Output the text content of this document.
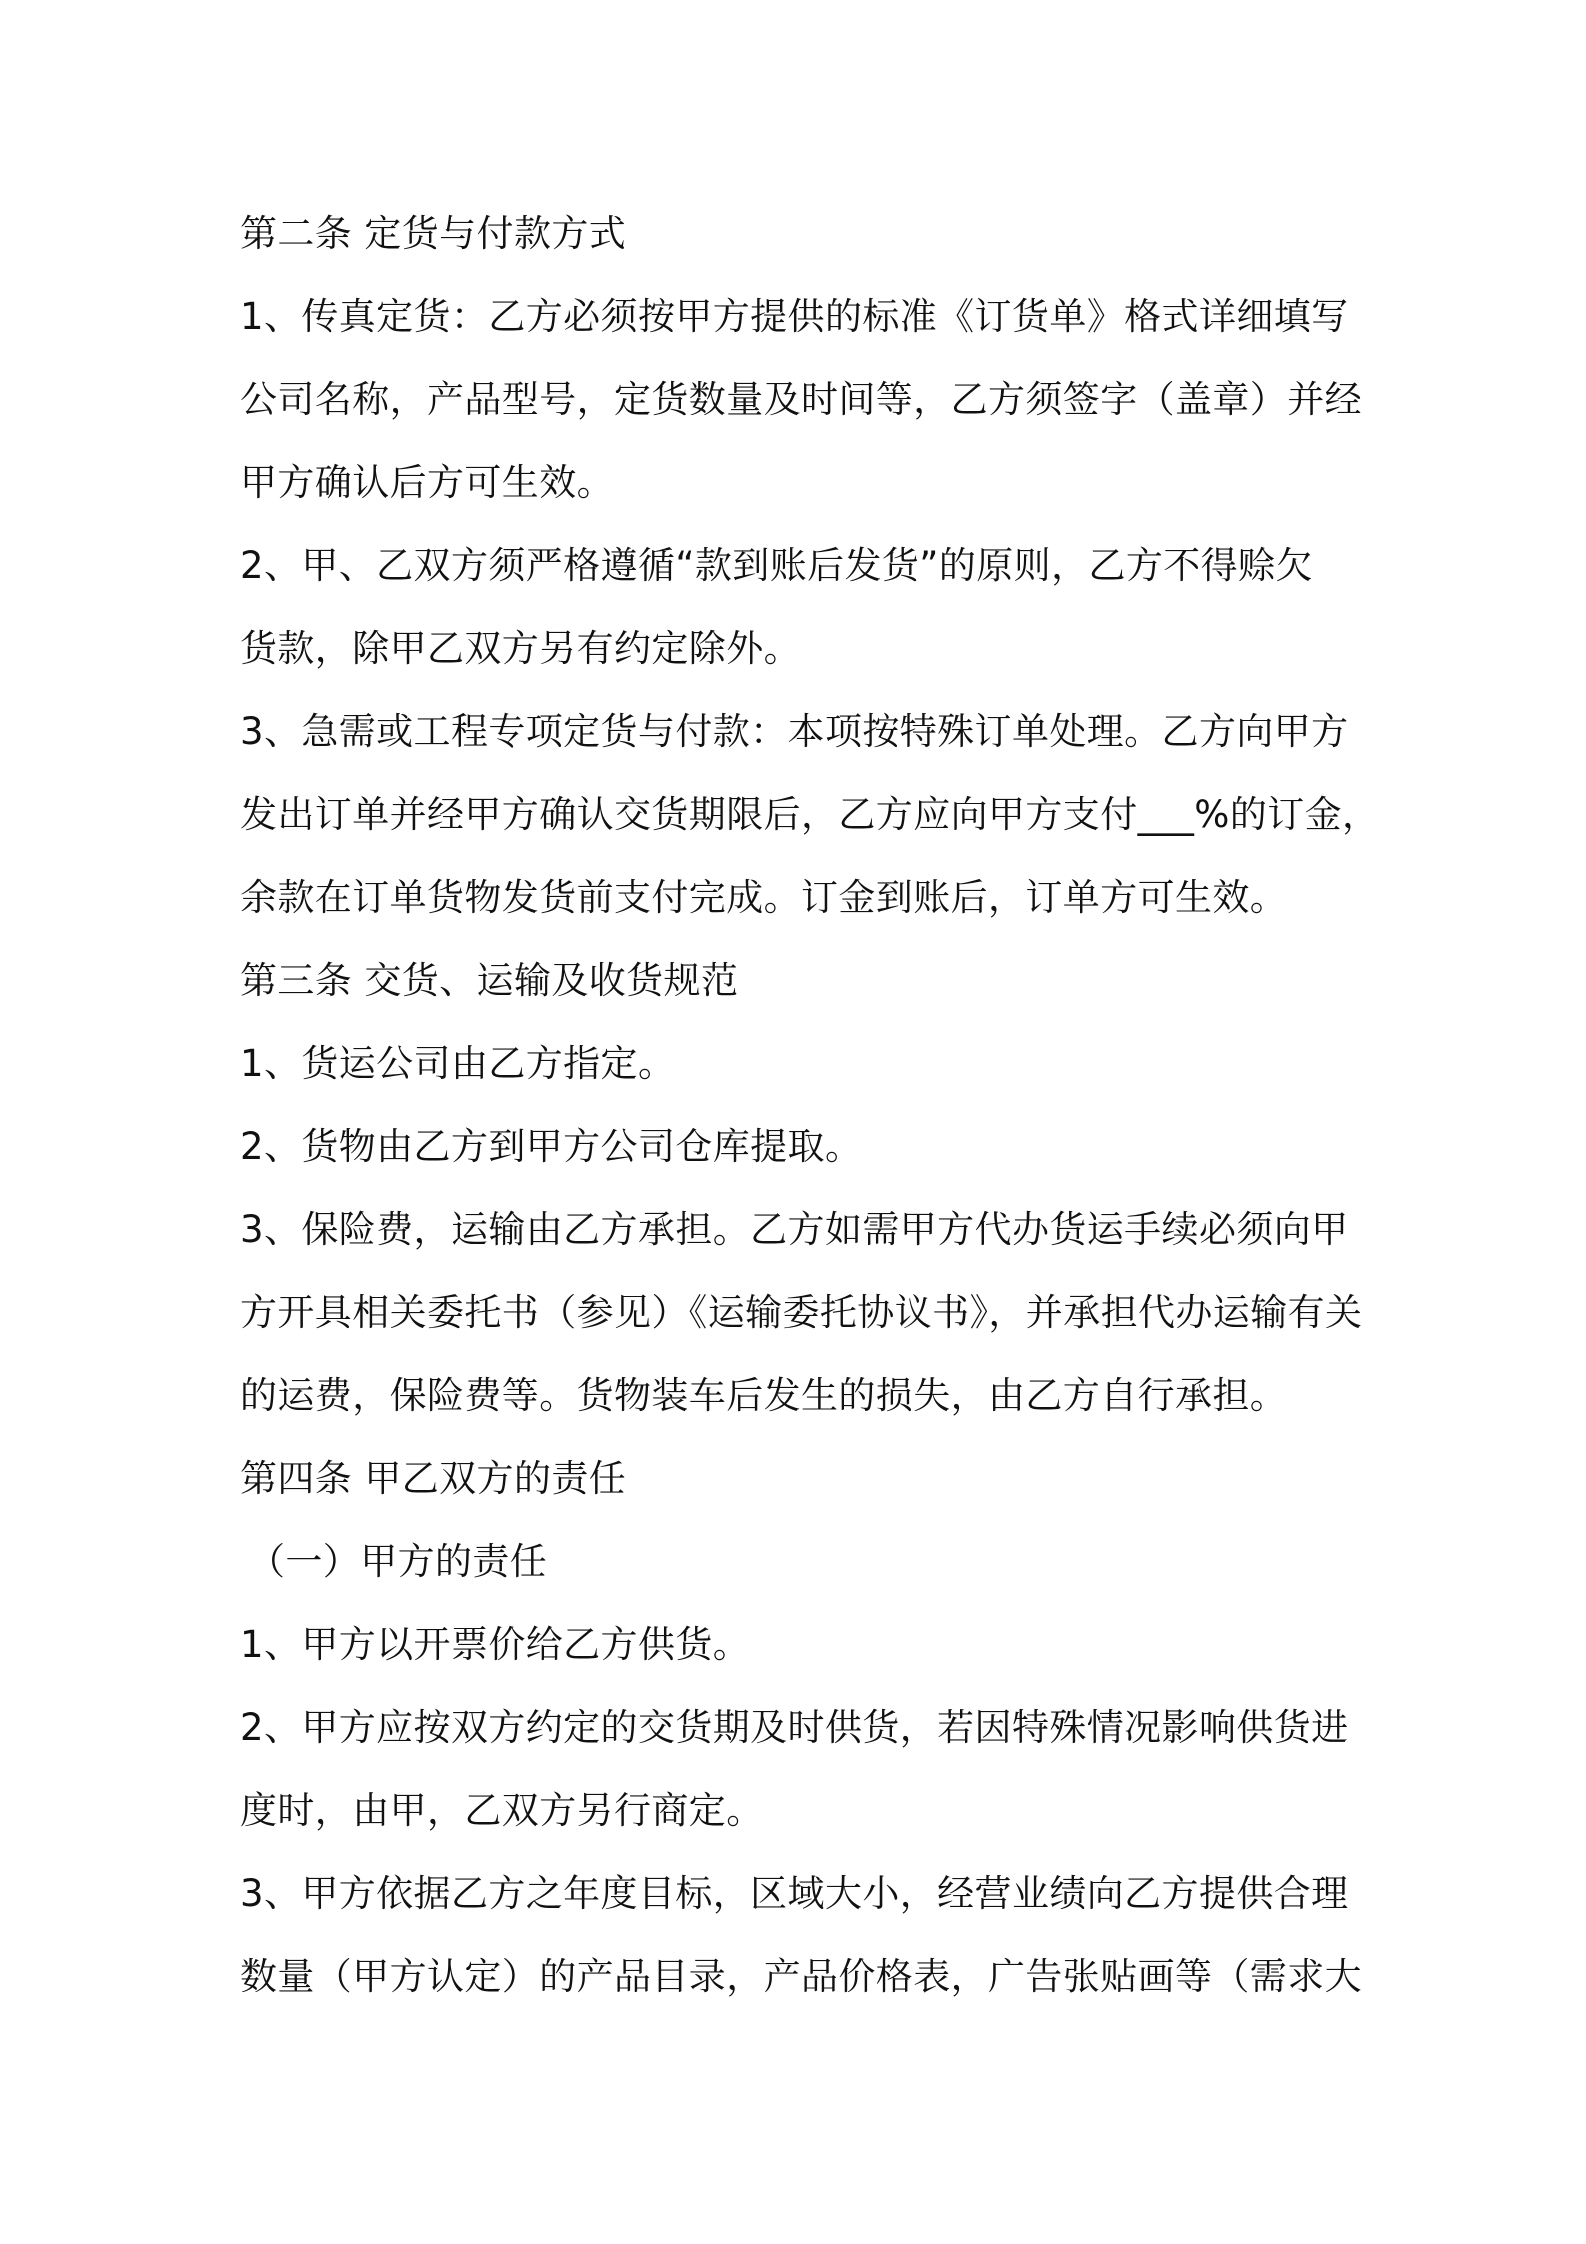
第二条 定货与付款方式
1、传真定货：乙方必须按甲方提供的标准《订货单》格式详细填写
公司名称，产品型号，定货数量及时间等，乙方须签字（盖章）并经
甲方确认后方可生效。
2、甲、乙双方须严格遵循“款到账后发货”的原则，乙方不得赊欠
货款，除甲乙双方另有约定除外。
3、急需或工程专项定货与付款：本项按特殊订单处理。乙方向甲方
发出订单并经甲方确认交货期限后，乙方应向甲方支付___%的订金，
余款在订单货物发货前支付完成。订金到账后，订单方可生效。
第三条 交货、运输及收货规范
1、货运公司由乙方指定。
2、货物由乙方到甲方公司仓库提取。
3、保险费，运输由乙方承担。乙方如需甲方代办货运手续必须向甲
方开具相关委托书（参见）《运输委托协议书》，并承担代办运输有关
的运费，保险费等。货物装车后发生的损失，由乙方自行承担。
第四条 甲乙双方的责任
（一）甲方的责任
1、甲方以开票价给乙方供货。
2、甲方应按双方约定的交货期及时供货，若因特殊情况影响供货进
度时，由甲，乙双方另行商定。
3、甲方依据乙方之年度目标，区域大小，经营业绩向乙方提供合理
数量（甲方认定）的产品目录，产品价格表，广告张贴画等（需求大
